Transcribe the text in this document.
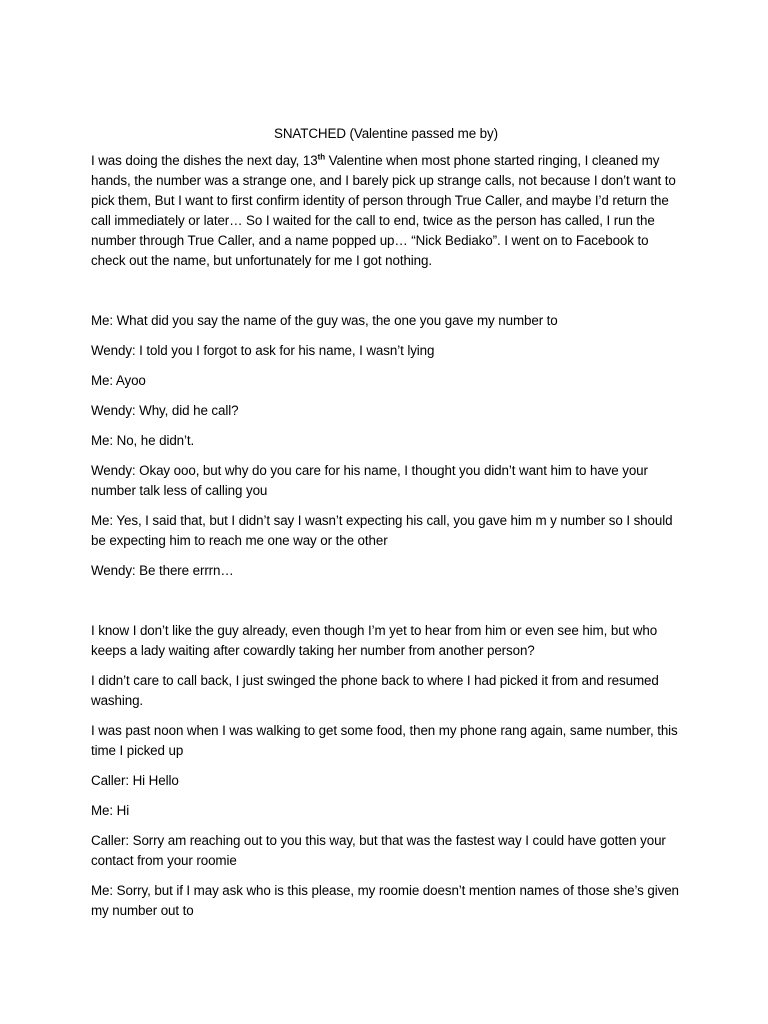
SNATCHED (Valentine passed me by)

I was doing the dishes the next day, 13th Valentine when most phone started ringing, I cleaned my hands, the number was a strange one, and I barely pick up strange calls, not because I don’t want to pick them, But I want to first confirm identity of person through True Caller, and maybe I’d return the call immediately or later… So I waited for the call to end, twice as the person has called, I run the number through True Caller, and a name popped up… “Nick Bediako”. I went on to Facebook to check out the name, but unfortunately for me I got nothing.

Me: What did you say the name of the guy was, the one you gave my number to

Wendy: I told you I forgot to ask for his name, I wasn’t lying

Me: Ayoo

Wendy: Why, did he call?

Me: No, he didn’t.

Wendy: Okay ooo, but why do you care for his name, I thought you didn’t want him to have your number talk less of calling you

Me: Yes, I said that, but I didn’t say I wasn’t expecting his call, you gave him m y number so I should be expecting him to reach me one way or the other

Wendy: Be there errrn…

I know I don’t like the guy already, even though I’m yet to hear from him or even see him, but who keeps a lady waiting after cowardly taking her number from another person?

I didn’t care to call back, I just swinged the phone back to where I had picked it from and resumed washing.

I was past noon when I was walking to get some food, then my phone rang again, same number, this time I picked up

Caller: Hi Hello

Me: Hi

Caller: Sorry am reaching out to you this way, but that was the fastest way I could have gotten your contact from your roomie

Me: Sorry, but if I may ask who is this please, my roomie doesn’t mention names of those she’s given my number out to
